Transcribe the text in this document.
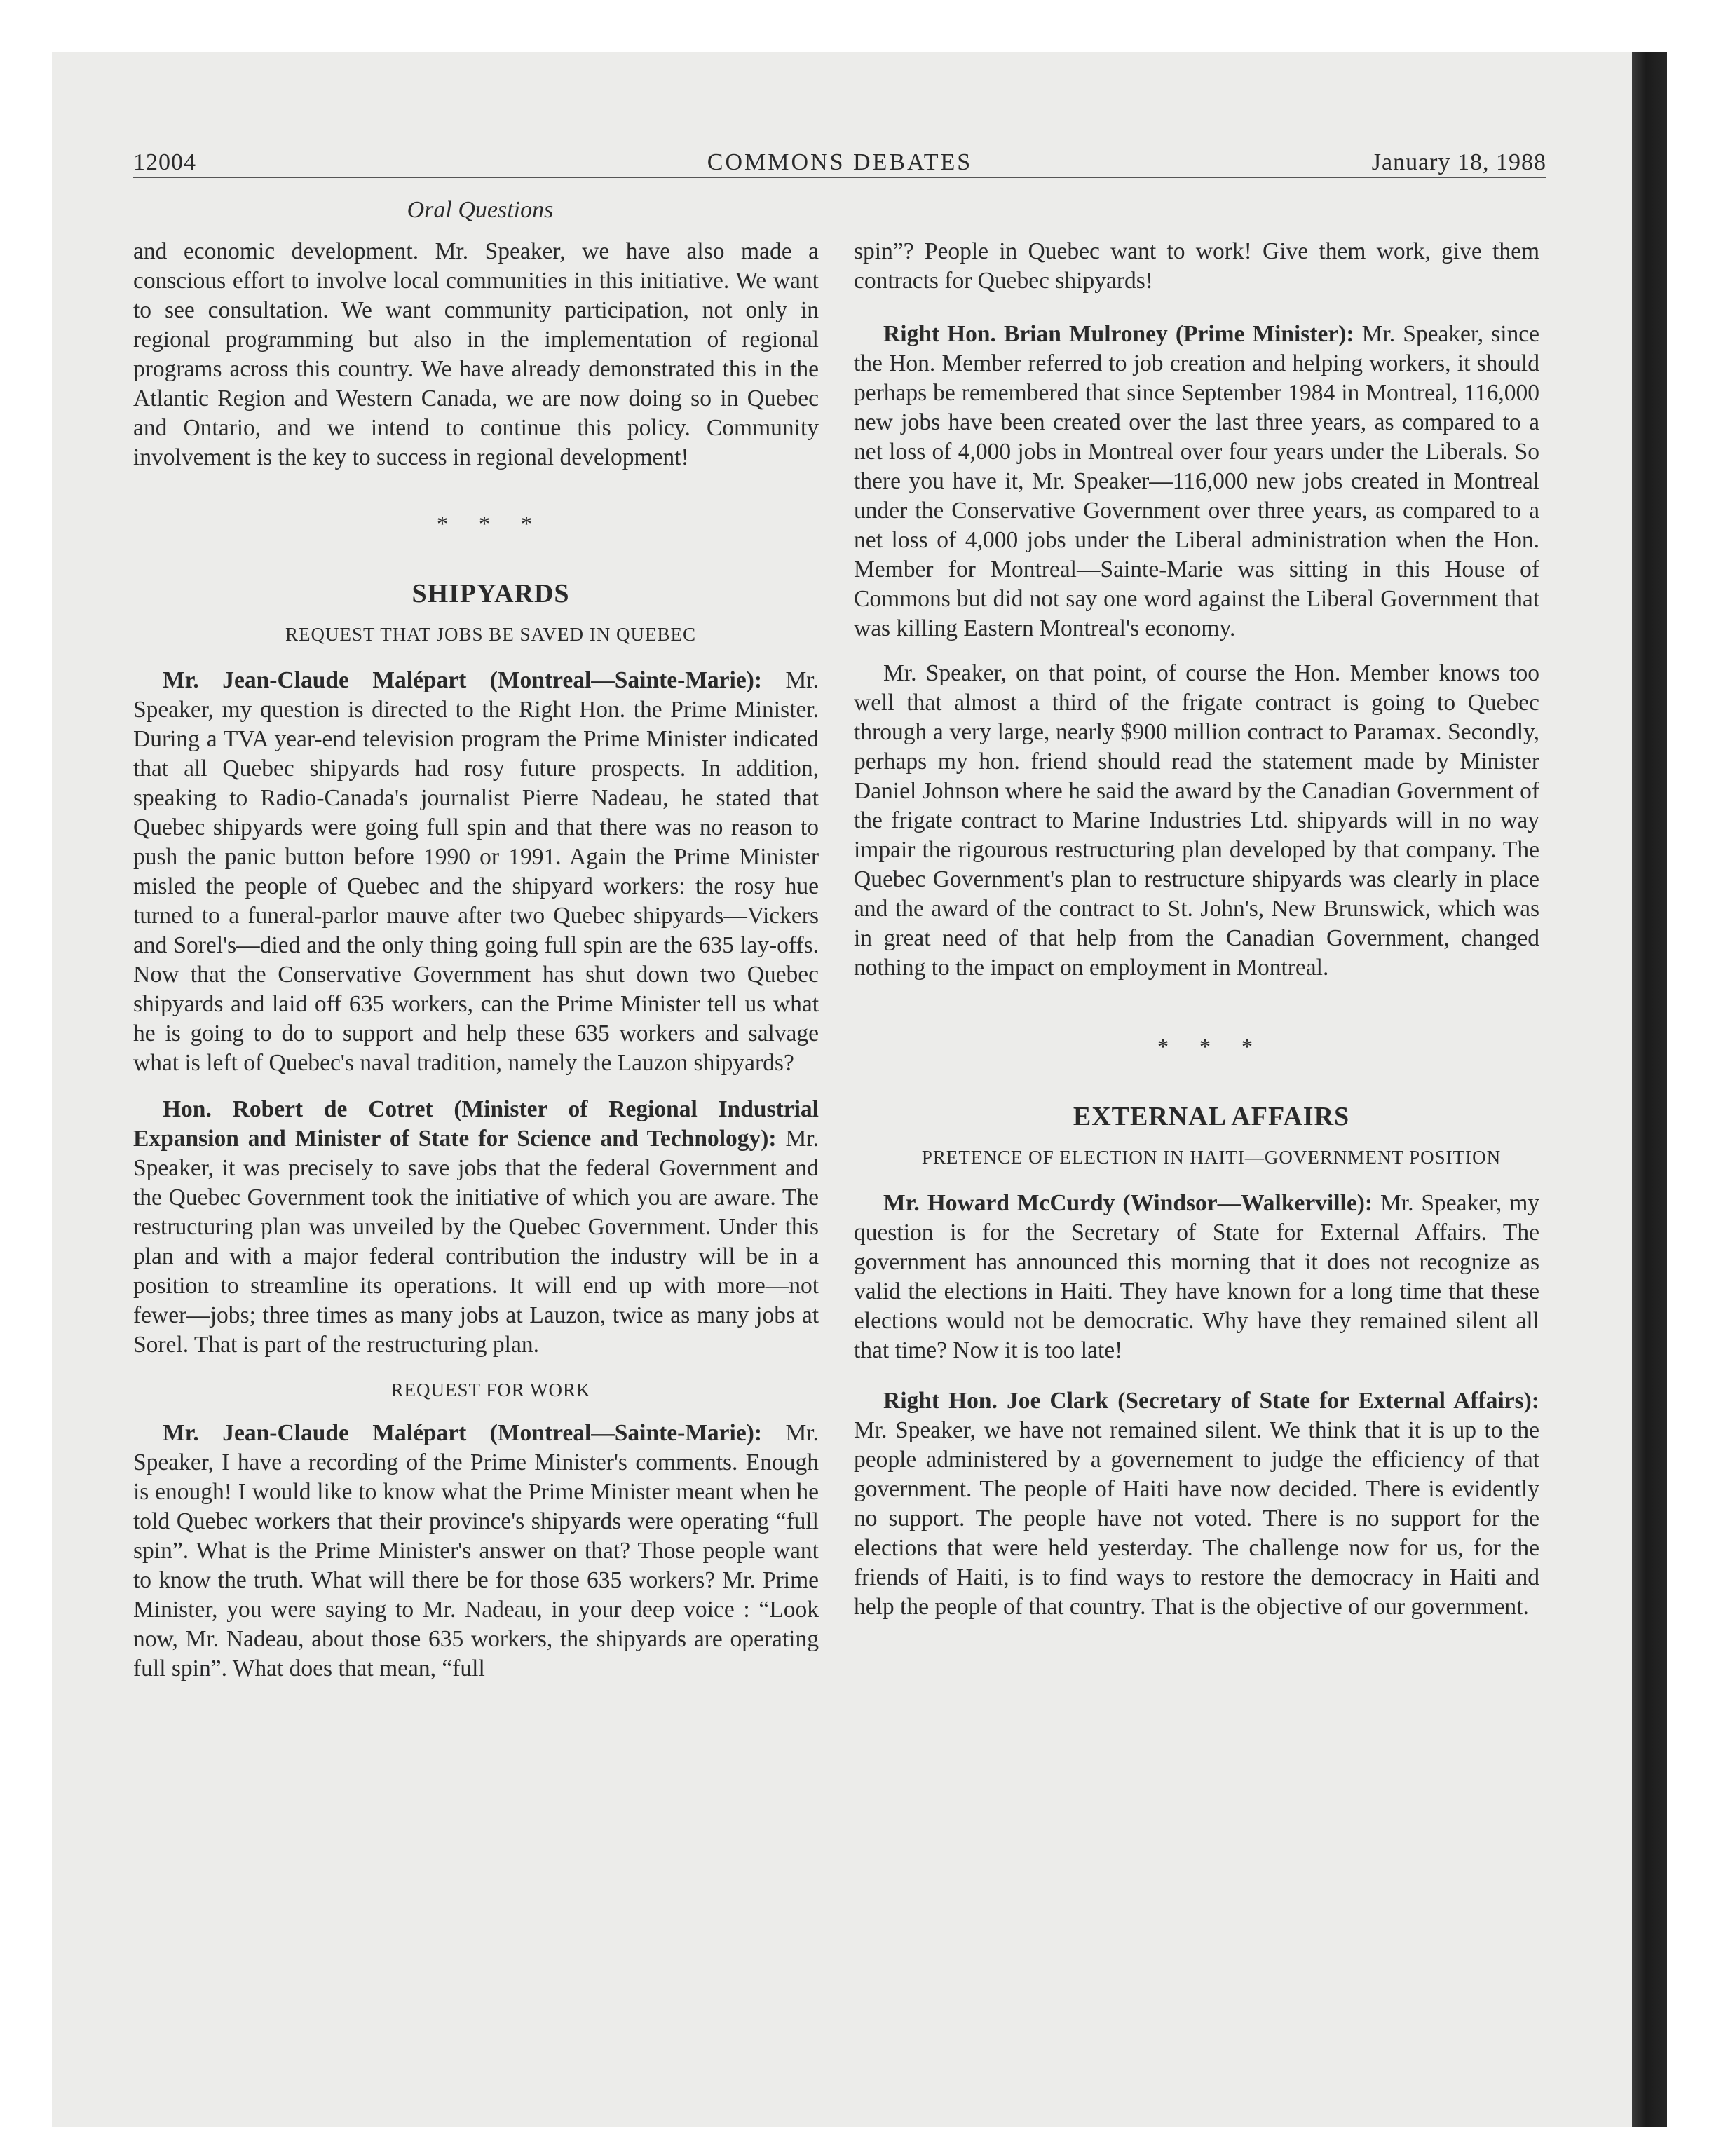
12004	COMMONS DEBATES	January 18, 1988
Oral Questions

and economic development. Mr. Speaker, we have also made a conscious effort to involve local communities in this initiative. We want to see consultation. We want community participation, not only in regional programming but also in the implementation of regional programs across this country. We have already demonstrated this in the Atlantic Region and Western Canada, we are now doing so in Quebec and Ontario, and we intend to continue this policy. Community involvement is the key to success in regional development!

* * *

SHIPYARDS

REQUEST THAT JOBS BE SAVED IN QUEBEC

Mr. Jean-Claude Malépart (Montreal—Sainte-Marie): Mr. Speaker, my question is directed to the Right Hon. the Prime Minister. During a TVA year-end television program the Prime Minister indicated that all Quebec shipyards had rosy future prospects. In addition, speaking to Radio-Canada's journalist Pierre Nadeau, he stated that Quebec shipyards were going full spin and that there was no reason to push the panic button before 1990 or 1991. Again the Prime Minister misled the people of Quebec and the shipyard workers: the rosy hue turned to a funeral-parlor mauve after two Quebec shipyards—Vickers and Sorel's—died and the only thing going full spin are the 635 lay-offs. Now that the Conservative Government has shut down two Quebec shipyards and laid off 635 workers, can the Prime Minister tell us what he is going to do to support and help these 635 workers and salvage what is left of Quebec's naval tradition, namely the Lauzon shipyards?

Hon. Robert de Cotret (Minister of Regional Industrial Expansion and Minister of State for Science and Technology): Mr. Speaker, it was precisely to save jobs that the federal Government and the Quebec Government took the initiative of which you are aware. The restructuring plan was unveiled by the Quebec Government. Under this plan and with a major federal contribution the industry will be in a position to streamline its operations. It will end up with more—not fewer—jobs; three times as many jobs at Lauzon, twice as many jobs at Sorel. That is part of the restructuring plan.

REQUEST FOR WORK

Mr. Jean-Claude Malépart (Montreal—Sainte-Marie): Mr. Speaker, I have a recording of the Prime Minister's comments. Enough is enough! I would like to know what the Prime Minister meant when he told Quebec workers that their province's shipyards were operating “full spin”. What is the Prime Minister's answer on that? Those people want to know the truth. What will there be for those 635 workers? Mr. Prime Minister, you were saying to Mr. Nadeau, in your deep voice : “Look now, Mr. Nadeau, about those 635 workers, the shipyards are operating full spin”. What does that mean, “full

spin”? People in Quebec want to work! Give them work, give them contracts for Quebec shipyards!

Right Hon. Brian Mulroney (Prime Minister): Mr. Speaker, since the Hon. Member referred to job creation and helping workers, it should perhaps be remembered that since September 1984 in Montreal, 116,000 new jobs have been created over the last three years, as compared to a net loss of 4,000 jobs in Montreal over four years under the Liberals. So there you have it, Mr. Speaker—116,000 new jobs created in Montreal under the Conservative Government over three years, as compared to a net loss of 4,000 jobs under the Liberal administration when the Hon. Member for Montreal—Sainte-Marie was sitting in this House of Commons but did not say one word against the Liberal Government that was killing Eastern Montreal's economy.

Mr. Speaker, on that point, of course the Hon. Member knows too well that almost a third of the frigate contract is going to Quebec through a very large, nearly $900 million contract to Paramax. Secondly, perhaps my hon. friend should read the statement made by Minister Daniel Johnson where he said the award by the Canadian Government of the frigate contract to Marine Industries Ltd. shipyards will in no way impair the rigourous restructuring plan developed by that company. The Quebec Government's plan to restructure shipyards was clearly in place and the award of the contract to St. John's, New Brunswick, which was in great need of that help from the Canadian Government, changed nothing to the impact on employment in Montreal.

* * *

EXTERNAL AFFAIRS

PRETENCE OF ELECTION IN HAITI—GOVERNMENT POSITION

Mr. Howard McCurdy (Windsor—Walkerville): Mr. Speaker, my question is for the Secretary of State for External Affairs. The government has announced this morning that it does not recognize as valid the elections in Haiti. They have known for a long time that these elections would not be democratic. Why have they remained silent all that time? Now it is too late!

Right Hon. Joe Clark (Secretary of State for External Affairs): Mr. Speaker, we have not remained silent. We think that it is up to the people administered by a governement to judge the efficiency of that government. The people of Haiti have now decided. There is evidently no support. The people have not voted. There is no support for the elections that were held yesterday. The challenge now for us, for the friends of Haiti, is to find ways to restore the democracy in Haiti and help the people of that country. That is the objective of our government.
